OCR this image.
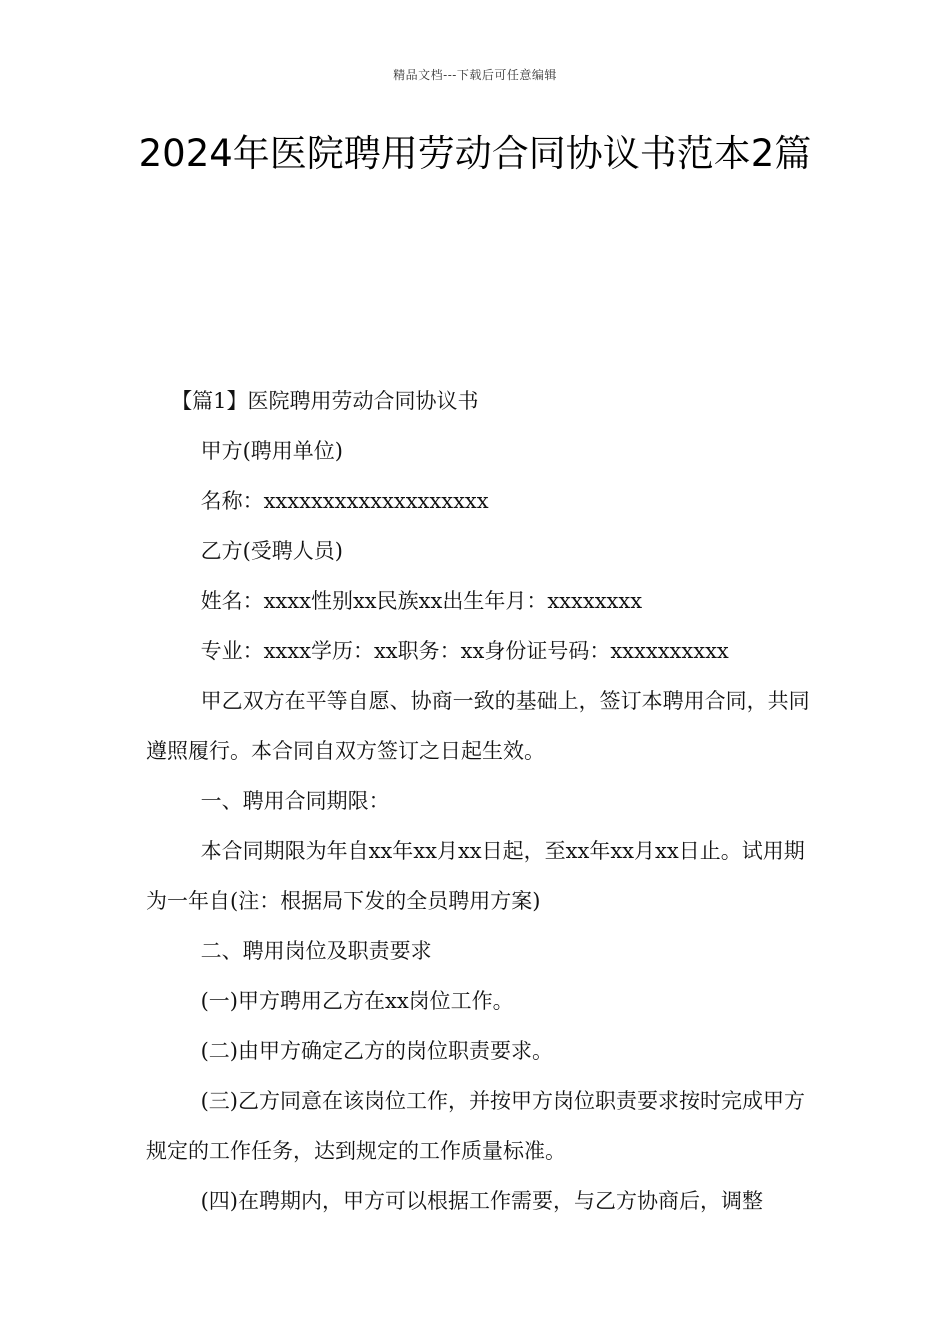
精品文档---下载后可任意编辑
2024年医院聘用劳动合同协议书范本2篇

【篇1】医院聘用劳动合同协议书

甲方(聘用单位)

名称：xxxxxxxxxxxxxxxxxxx

乙方(受聘人员)

姓名：xxxx性别xx民族xx出生年月：xxxxxxxx

专业：xxxx学历：xx职务：xx身份证号码：xxxxxxxxxx

甲乙双方在平等自愿、协商一致的基础上，签订本聘用合同，共同遵照履行。本合同自双方签订之日起生效。

一、聘用合同期限：

本合同期限为年自xx年xx月xx日起，至xx年xx月xx日止。试用期为一年自(注：根据局下发的全员聘用方案)

二、聘用岗位及职责要求

(一)甲方聘用乙方在xx岗位工作。

(二)由甲方确定乙方的岗位职责要求。

(三)乙方同意在该岗位工作，并按甲方岗位职责要求按时完成甲方规定的工作任务，达到规定的工作质量标准。

(四)在聘期内，甲方可以根据工作需要，与乙方协商后，调整
